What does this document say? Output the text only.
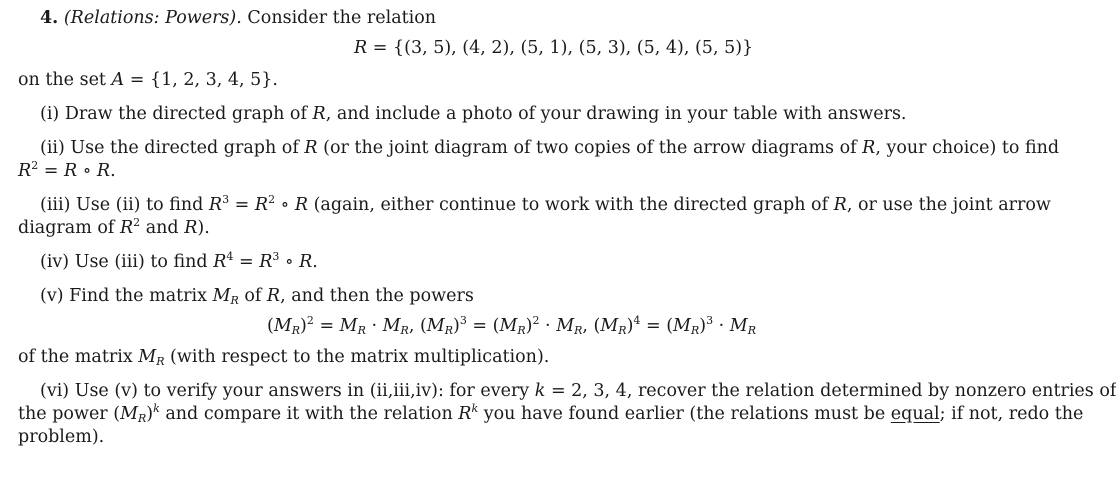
4. (Relations: Powers). Consider the relation
R = {(3, 5), (4, 2), (5, 1), (5, 3), (5, 4), (5, 5)}
on the set A = {1, 2, 3, 4, 5}.
(i) Draw the directed graph of R, and include a photo of your drawing in your table with answers.
(ii) Use the directed graph of R (or the joint diagram of two copies of the arrow diagrams of R, your choice) to find
$R^2 = R$ ∘ R.
(iii) Use (ii) to find $R^3 = R^2$ ∘ R (again, either continue to work with the directed graph of R, or use the joint arrow
diagram of $R^2$ and R).
(iv) Use (iii) to find $R^4 = R^3$ ∘ R.
(v) Find the matrix $M_R$ of R, and then the powers
$(M_R)^2 = M_R \cdot M_R$, $(M_R)^3 = (M_R)^2 \cdot M_R$, $(M_R)^4 = (M_R)^3 \cdot M_R$
of the matrix $M_R$ (with respect to the matrix multiplication).
(vi) Use (v) to verify your answers in (ii,iii,iv): for every k = 2, 3, 4, recover the relation determined by nonzero entries of
the power $(M_R)^k$ and compare it with the relation $R^k$ you have found earlier (the relations must be equal; if not, redo the
problem).
